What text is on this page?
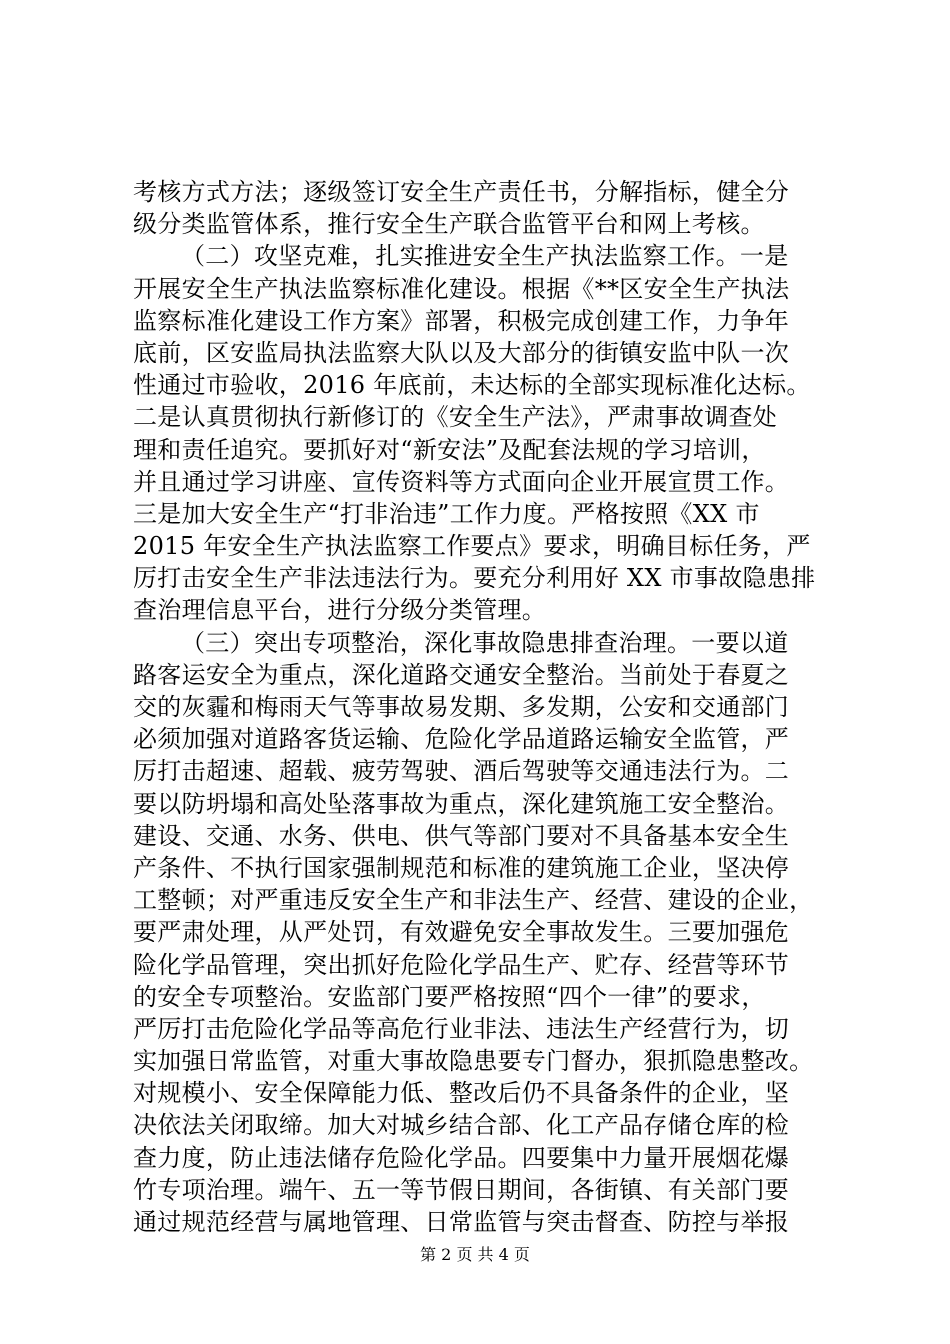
考核方式方法；逐级签订安全生产责任书，分解指标，健全分
级分类监管体系，推行安全生产联合监管平台和网上考核。
（二）攻坚克难，扎实推进安全生产执法监察工作。一是
开展安全生产执法监察标准化建设。根据《**区安全生产执法
监察标准化建设工作方案》部署，积极完成创建工作，力争年
底前，区安监局执法监察大队以及大部分的街镇安监中队一次
性通过市验收，2016 年底前，未达标的全部实现标准化达标。
二是认真贯彻执行新修订的《安全生产法》，严肃事故调查处
理和责任追究。要抓好对“新安法”及配套法规的学习培训，
并且通过学习讲座、宣传资料等方式面向企业开展宣贯工作。
三是加大安全生产“打非治违”工作力度。严格按照《XX 市
2015 年安全生产执法监察工作要点》要求，明确目标任务，严
厉打击安全生产非法违法行为。要充分利用好 XX 市事故隐患排
查治理信息平台，进行分级分类管理。
（三）突出专项整治，深化事故隐患排查治理。一要以道
路客运安全为重点，深化道路交通安全整治。当前处于春夏之
交的灰霾和梅雨天气等事故易发期、多发期，公安和交通部门
必须加强对道路客货运输、危险化学品道路运输安全监管，严
厉打击超速、超载、疲劳驾驶、酒后驾驶等交通违法行为。二
要以防坍塌和高处坠落事故为重点，深化建筑施工安全整治。
建设、交通、水务、供电、供气等部门要对不具备基本安全生
产条件、不执行国家强制规范和标准的建筑施工企业，坚决停
工整顿；对严重违反安全生产和非法生产、经营、建设的企业，
要严肃处理，从严处罚，有效避免安全事故发生。三要加强危
险化学品管理，突出抓好危险化学品生产、贮存、经营等环节
的安全专项整治。安监部门要严格按照“四个一律”的要求，
严厉打击危险化学品等高危行业非法、违法生产经营行为，切
实加强日常监管，对重大事故隐患要专门督办，狠抓隐患整改。
对规模小、安全保障能力低、整改后仍不具备条件的企业，坚
决依法关闭取缔。加大对城乡结合部、化工产品存储仓库的检
查力度，防止违法储存危险化学品。四要集中力量开展烟花爆
竹专项治理。端午、五一等节假日期间，各街镇、有关部门要
通过规范经营与属地管理、日常监管与突击督查、防控与举报
第 2 页 共 4 页
